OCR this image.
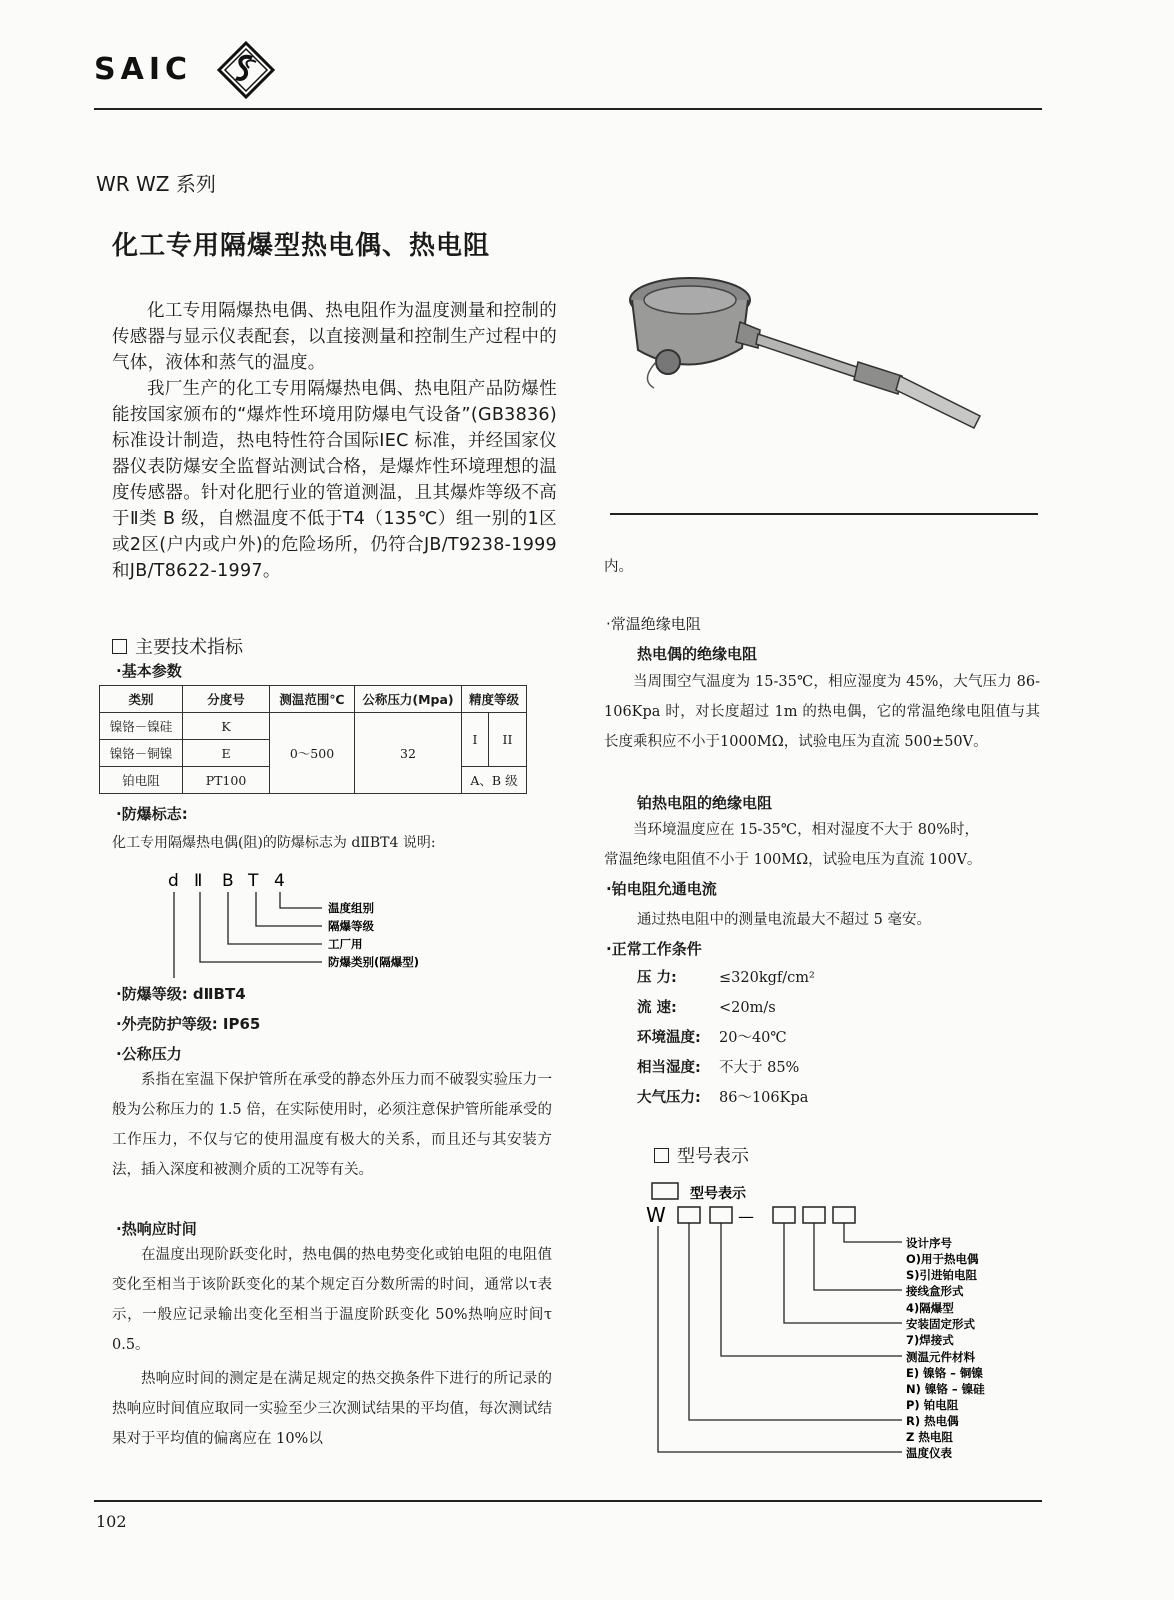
SAIC
WR WZ 系列
化工专用隔爆型热电偶、热电阻

化工专用隔爆热电偶、热电阻作为温度测量和控制的传感器与显示仪表配套，以直接测量和控制生产过程中的气体，液体和蒸气的温度。

我厂生产的化工专用隔爆热电偶、热电阻产品防爆性能按国家颁布的“爆炸性环境用防爆电气设备”(GB3836)标准设计制造，热电特性符合国际IEC 标准，并经国家仪器仪表防爆安全监督站测试合格，是爆炸性环境理想的温度传感器。针对化肥行业的管道测温，且其爆炸等级不高于Ⅱ类 B 级，自燃温度不低于T4（135℃）组一别的1区或2区(户内或户外)的危险场所，仍符合JB/T9238-1999和JB/T8622-1997。

主要技术指标
·基本参数
类别	分度号	测温范围℃	公称压力(Mpa)	精度等级	
镍铬－镍硅	K	0～500	32	I	II
镍铬－铜镍	E				
铂电阻	PT100			A、B 级	
·防爆标志:
化工专用隔爆热电偶(阻)的防爆标志为 dⅡBT4 说明:
d Ⅱ B T 4
温度组别
隔爆等级
工厂用
防爆类别(隔爆型)
·防爆等级: dⅡBT4
·外壳防护等级: IP65
·公称压力

系指在室温下保护管所在承受的静态外压力而不破裂实验压力一般为公称压力的 1.5 倍，在实际使用时，必须注意保护管所能承受的工作压力，不仅与它的使用温度有极大的关系，而且还与其安装方法，插入深度和被测介质的工况等有关。

·热响应时间

在温度出现阶跃变化时，热电偶的热电势变化或铂电阻的电阻值变化至相当于该阶跃变化的某个规定百分数所需的时间，通常以τ表示，一般应记录输出变化至相当于温度阶跃变化 50%热响应时间τ 0.5。

热响应时间的测定是在满足规定的热交换条件下进行的所记录的热响应时间值应取同一实验至少三次测试结果的平均值，每次测试结果对于平均值的偏离应在 10%以

内。
·常温绝缘电阻
热电偶的绝缘电阻

当周围空气温度为 15-35℃，相应湿度为 45%，大气压力 86-106Kpa 时，对长度超过 1m 的热电偶，它的常温绝缘电阻值与其长度乘积应不小于1000MΩ，试验电压为直流 500±50V。

铂热电阻的绝缘电阻

当环境温度应在 15-35℃，相对湿度不大于 80%时，

常温绝缘电阻值不小于 100MΩ，试验电压为直流 100V。
·铂电阻允通电流
通过热电阻中的测量电流最大不超过 5 毫安。
·正常工作条件
压 力:	≤320kgf/cm²
流 速:	<20m/s
环境温度: 20～40℃
相当湿度: 不大于 85%
大气压力: 86～106Kpa
型号表示
型号表示
W	—
设计序号
O)用于热电偶
S)引进铂电阻
接线盒形式
4)隔爆型
安装固定形式
7)焊接式
测温元件材料
E) 镍铬 – 铜镍
N) 镍铬 – 镍硅
P) 铂电阻
R) 热电偶
Z 热电阻
温度仪表
102
